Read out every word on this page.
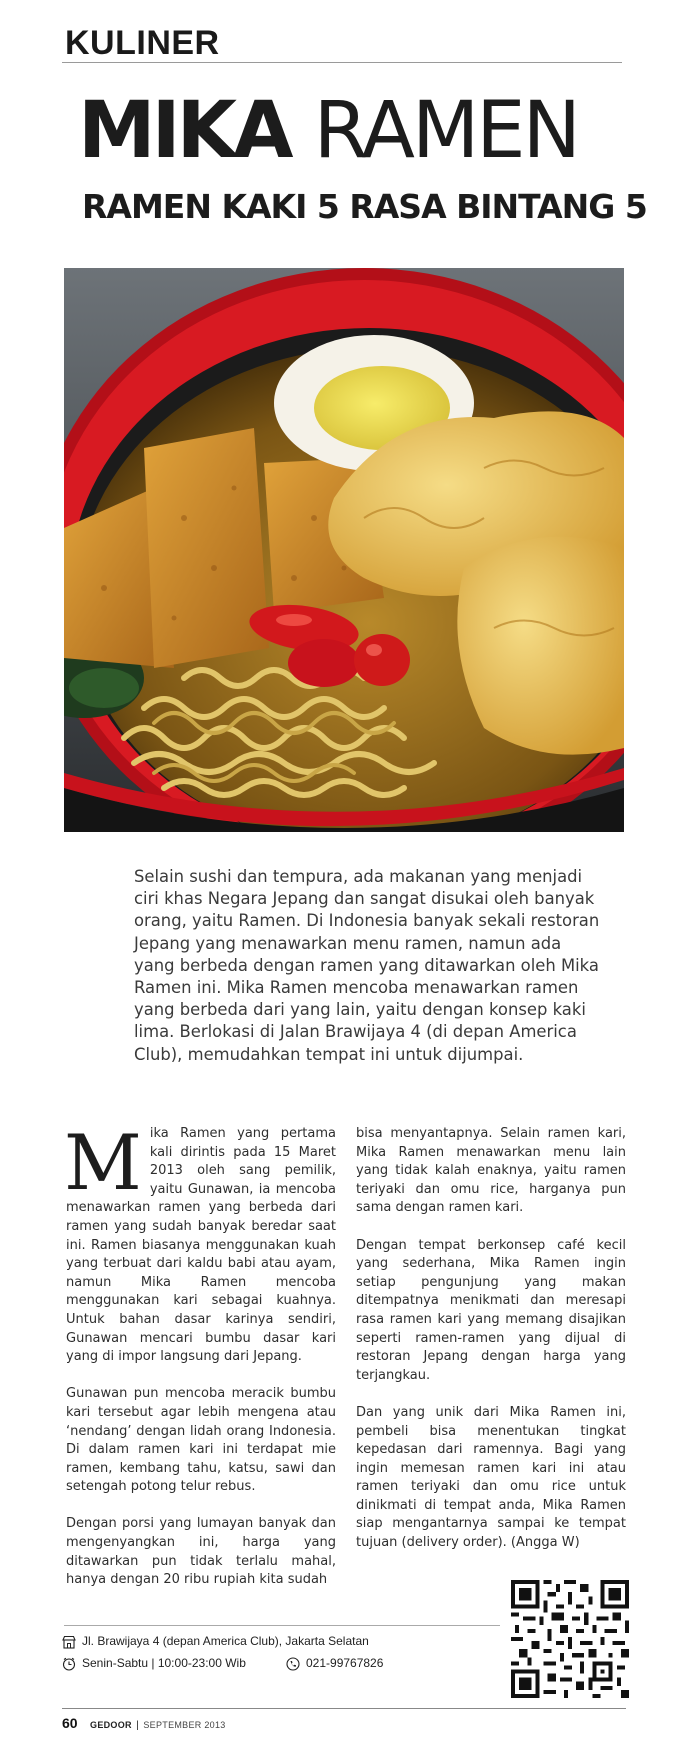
KULINER
MIKA RAMEN
RAMEN KAKI 5 RASA BINTANG 5

Selain sushi dan tempura, ada makanan yang menjadi ciri khas Negara Jepang dan sangat disukai oleh banyak orang, yaitu Ramen. Di Indonesia banyak sekali restoran Jepang yang menawarkan menu ramen, namun ada yang berbeda dengan ramen yang ditawarkan oleh Mika Ramen ini. Mika Ramen mencoba menawarkan ramen yang berbeda dari yang lain, yaitu dengan konsep kaki lima. Berlokasi di Jalan Brawijaya 4 (di depan America Club), memudahkan tempat ini untuk dijumpai.

Mika Ramen yang pertama kali dirintis pada 15 Maret 2013 oleh sang pemilik, yaitu Gunawan, ia mencoba menawarkan ramen yang berbeda dari ramen yang sudah banyak beredar saat ini. Ramen biasanya menggunakan kuah yang terbuat dari kaldu babi atau ayam, namun Mika Ramen mencoba menggunakan kari sebagai kuahnya. Untuk bahan dasar karinya sendiri, Gunawan mencari bumbu dasar kari yang di impor langsung dari Jepang.

Gunawan pun mencoba meracik bumbu kari tersebut agar lebih mengena atau ‘nendang’ dengan lidah orang Indonesia. Di dalam ramen kari ini terdapat mie ramen, kembang tahu, katsu, sawi dan setengah potong telur rebus.

Dengan porsi yang lumayan banyak dan mengenyangkan ini, harga yang ditawarkan pun tidak terlalu mahal, hanya dengan 20 ribu rupiah kita sudah

bisa menyantapnya. Selain ramen kari, Mika Ramen menawarkan menu lain yang tidak kalah enaknya, yaitu ramen teriyaki dan omu rice, harganya pun sama dengan ramen kari.

Dengan tempat berkonsep café kecil yang sederhana, Mika Ramen ingin setiap pengunjung yang makan ditempatnya menikmati dan meresapi rasa ramen kari yang memang disajikan seperti ramen-ramen yang dijual di restoran Jepang dengan harga yang terjangkau.

Dan yang unik dari Mika Ramen ini, pembeli bisa menentukan tingkat kepedasan dari ramennya. Bagi yang ingin memesan ramen kari ini atau ramen teriyaki dan omu rice untuk dinikmati di tempat anda, Mika Ramen siap mengantarnya sampai ke tempat tujuan (delivery order). (Angga W)

Jl. Brawijaya 4 (depan America Club), Jakarta Selatan
Senin-Sabtu | 10:00-23:00 Wib	021-99767826
60 GEDOOR | SEPTEMBER 2013
